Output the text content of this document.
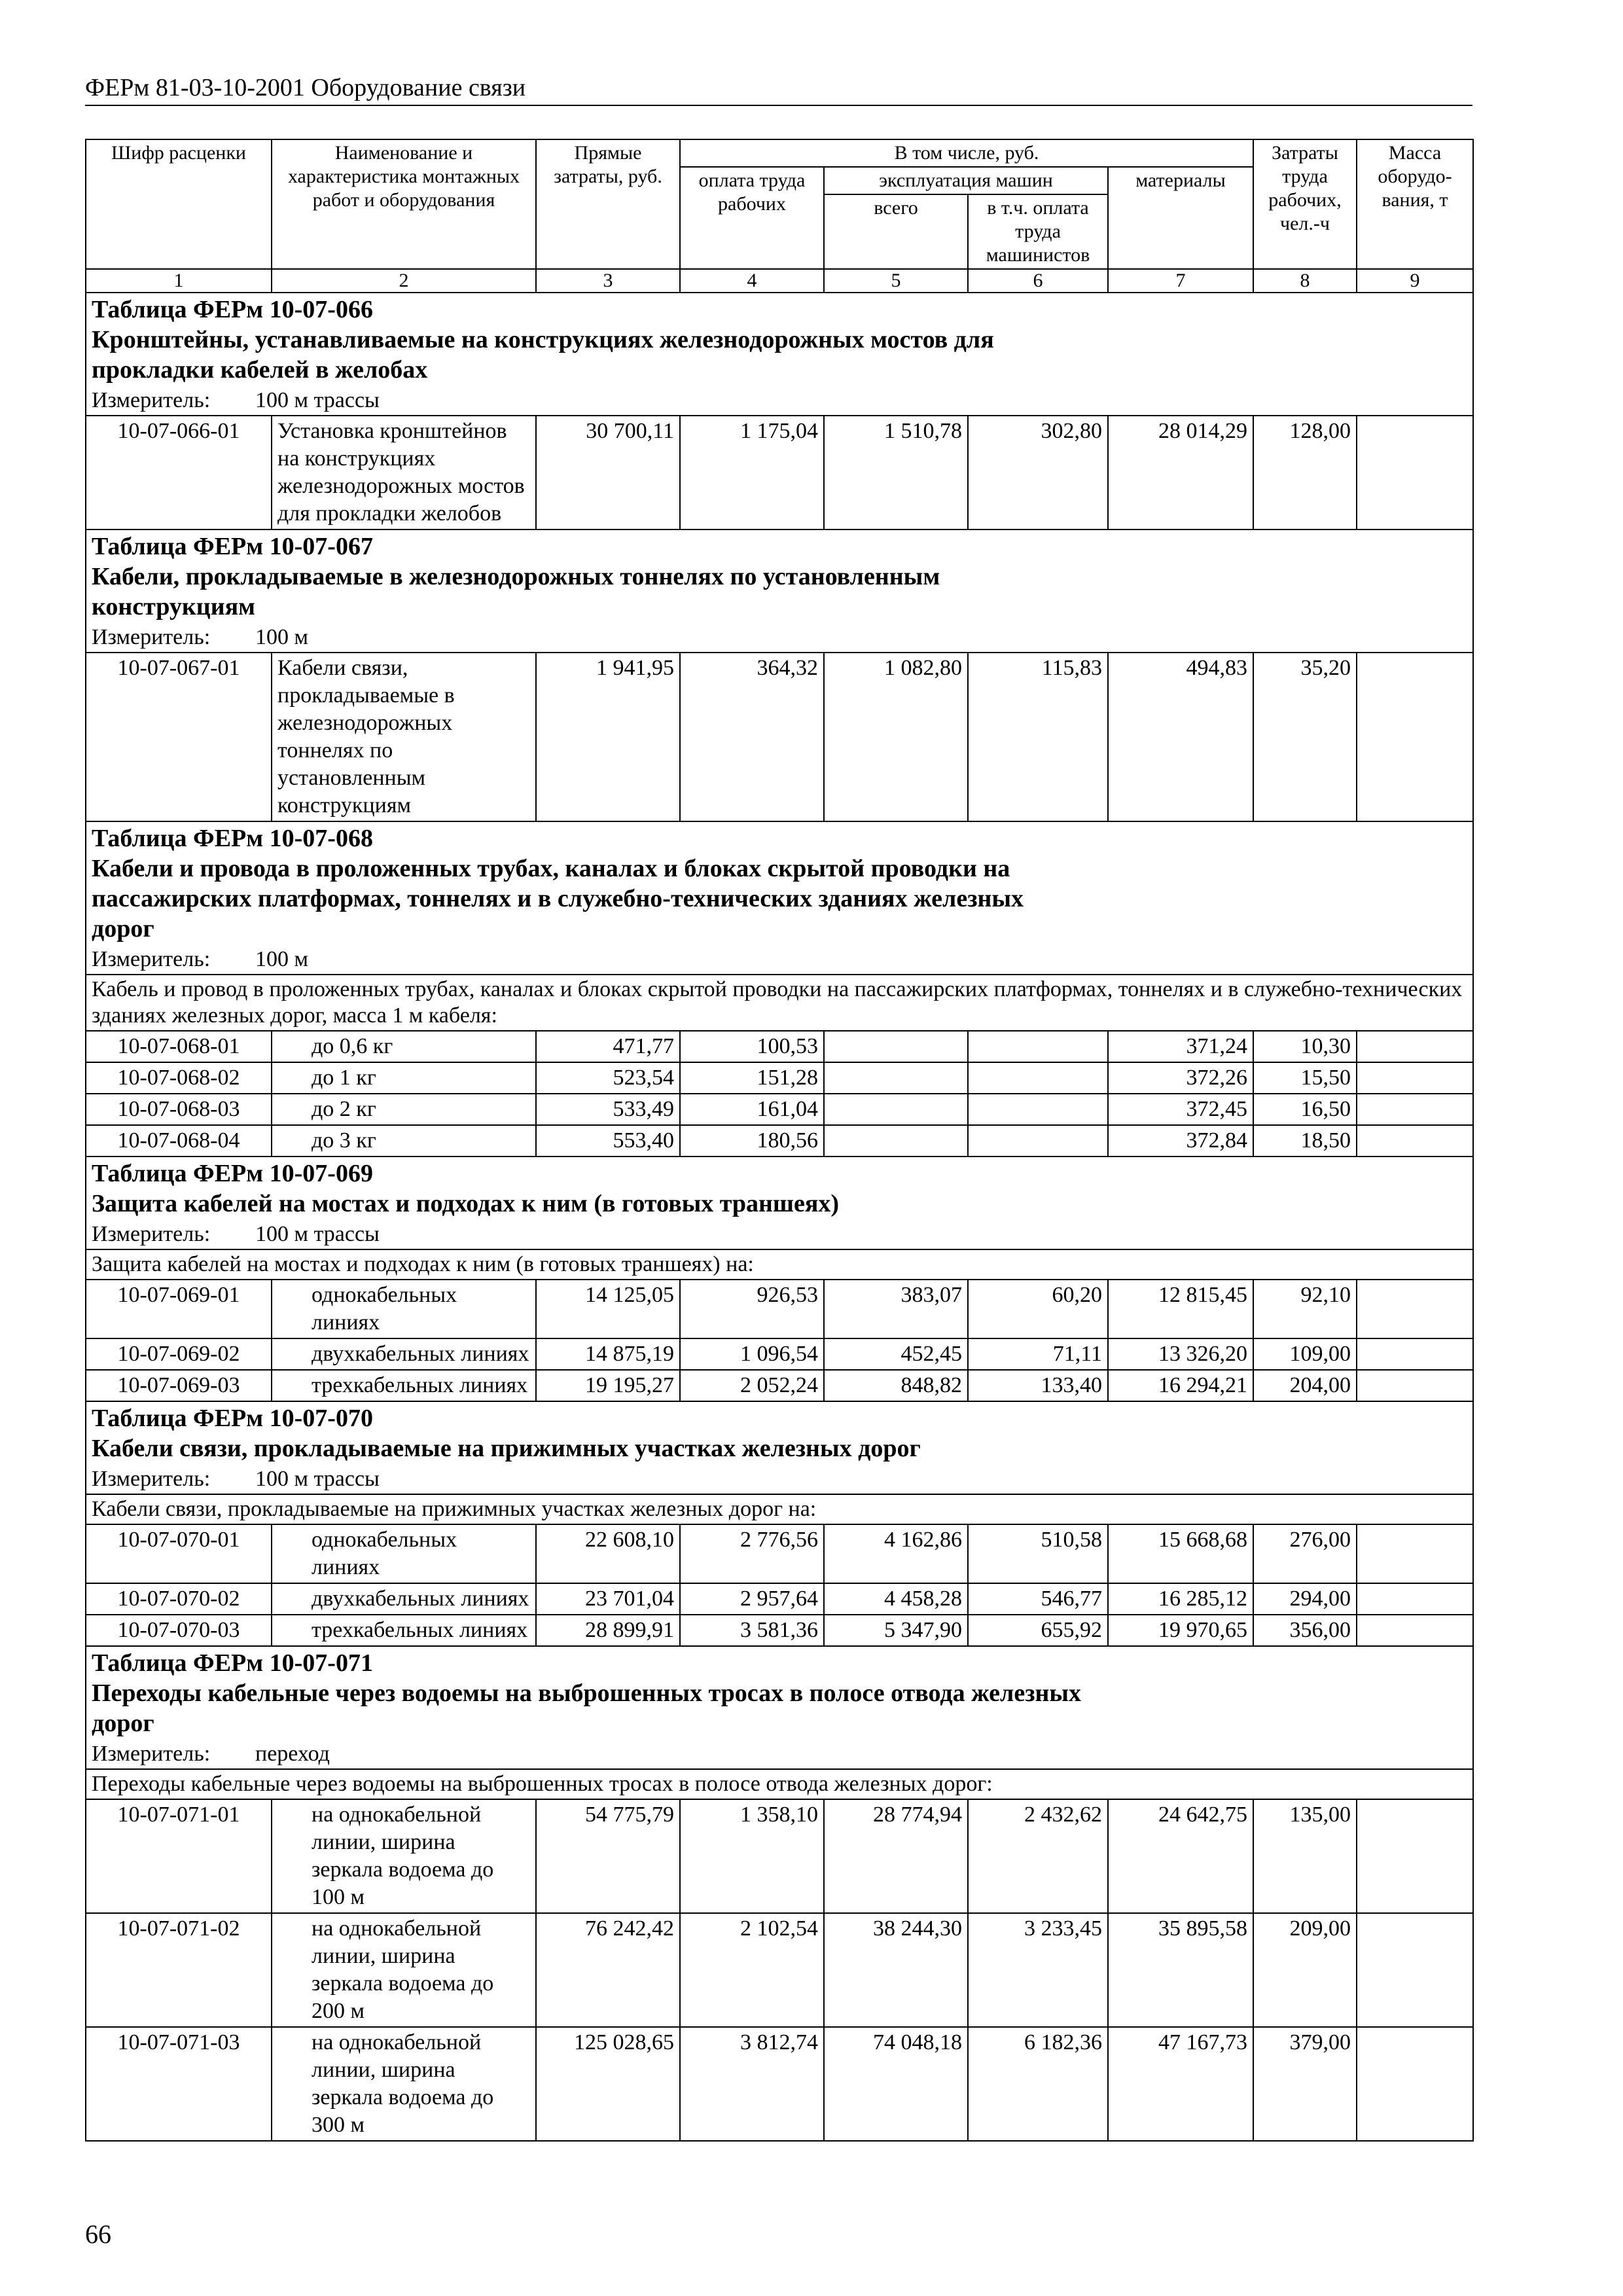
ФЕРм 81-03-10-2001 Оборудование связи
Шифр расценки	Наименование и характеристика монтажных работ и оборудования	Прямые затраты, руб.	В том числе, руб.				Затраты труда рабочих, чел.-ч	Масса оборудо-вания, т
			оплата труда рабочих	эксплуатация машин		материалы		
				всего	в т.ч. оплата труда машинистов			
1	2	3	4	5	6	7	8	9
Таблица ФЕРм 10-07-066Кронштейны, устанавливаемые на конструкциях железнодорожных мостов для прокладки кабелей в желобах								
Измеритель: 100 м трассы								
10-07-066-01	Установка кронштейнов на конструкциях железнодорожных мостов для прокладки желобов	30 700,11	1 175,04	1 510,78	302,80	28 014,29	128,00	
Таблица ФЕРм 10-07-067Кабели, прокладываемые в железнодорожных тоннелях по установленным конструкциям								
Измеритель: 100 м								
10-07-067-01	Кабели связи, прокладываемые в железнодорожных тоннелях по установленным конструкциям	1 941,95	364,32	1 082,80	115,83	494,83	35,20	
Таблица ФЕРм 10-07-068Кабели и провода в проложенных трубах, каналах и блоках скрытой проводки на пассажирских платформах, тоннелях и в служебно-технических зданиях железных дорог								
Измеритель: 100 м								
Кабель и провод в проложенных трубах, каналах и блоках скрытой проводки на пассажирских платформах, тоннелях и в служебно-технических зданиях железных дорог, масса 1 м кабеля:								
10-07-068-01	до 0,6 кг	471,77	100,53			371,24	10,30	
10-07-068-02	до 1 кг	523,54	151,28			372,26	15,50	
10-07-068-03	до 2 кг	533,49	161,04			372,45	16,50	
10-07-068-04	до 3 кг	553,40	180,56			372,84	18,50	
Таблица ФЕРм 10-07-069Защита кабелей на мостах и подходах к ним (в готовых траншеях)								
Измеритель: 100 м трассы								
Защита кабелей на мостах и подходах к ним (в готовых траншеях) на:								
10-07-069-01	однокабельных линиях	14 125,05	926,53	383,07	60,20	12 815,45	92,10	
10-07-069-02	двухкабельных линиях	14 875,19	1 096,54	452,45	71,11	13 326,20	109,00	
10-07-069-03	трехкабельных линиях	19 195,27	2 052,24	848,82	133,40	16 294,21	204,00	
Таблица ФЕРм 10-07-070Кабели связи, прокладываемые на прижимных участках железных дорог								
Измеритель: 100 м трассы								
Кабели связи, прокладываемые на прижимных участках железных дорог на:								
10-07-070-01	однокабельных линиях	22 608,10	2 776,56	4 162,86	510,58	15 668,68	276,00	
10-07-070-02	двухкабельных линиях	23 701,04	2 957,64	4 458,28	546,77	16 285,12	294,00	
10-07-070-03	трехкабельных линиях	28 899,91	3 581,36	5 347,90	655,92	19 970,65	356,00	
Таблица ФЕРм 10-07-071Переходы кабельные через водоемы на выброшенных тросах в полосе отвода железных дорог								
Измеритель: переход								
Переходы кабельные через водоемы на выброшенных тросах в полосе отвода железных дорог:								
10-07-071-01	на однокабельной линии, ширина зеркала водоема до 100 м	54 775,79	1 358,10	28 774,94	2 432,62	24 642,75	135,00	
10-07-071-02	на однокабельной линии, ширина зеркала водоема до 200 м	76 242,42	2 102,54	38 244,30	3 233,45	35 895,58	209,00	
10-07-071-03	на однокабельной линии, ширина зеркала водоема до 300 м	125 028,65	3 812,74	74 048,18	6 182,36	47 167,73	379,00	
66
